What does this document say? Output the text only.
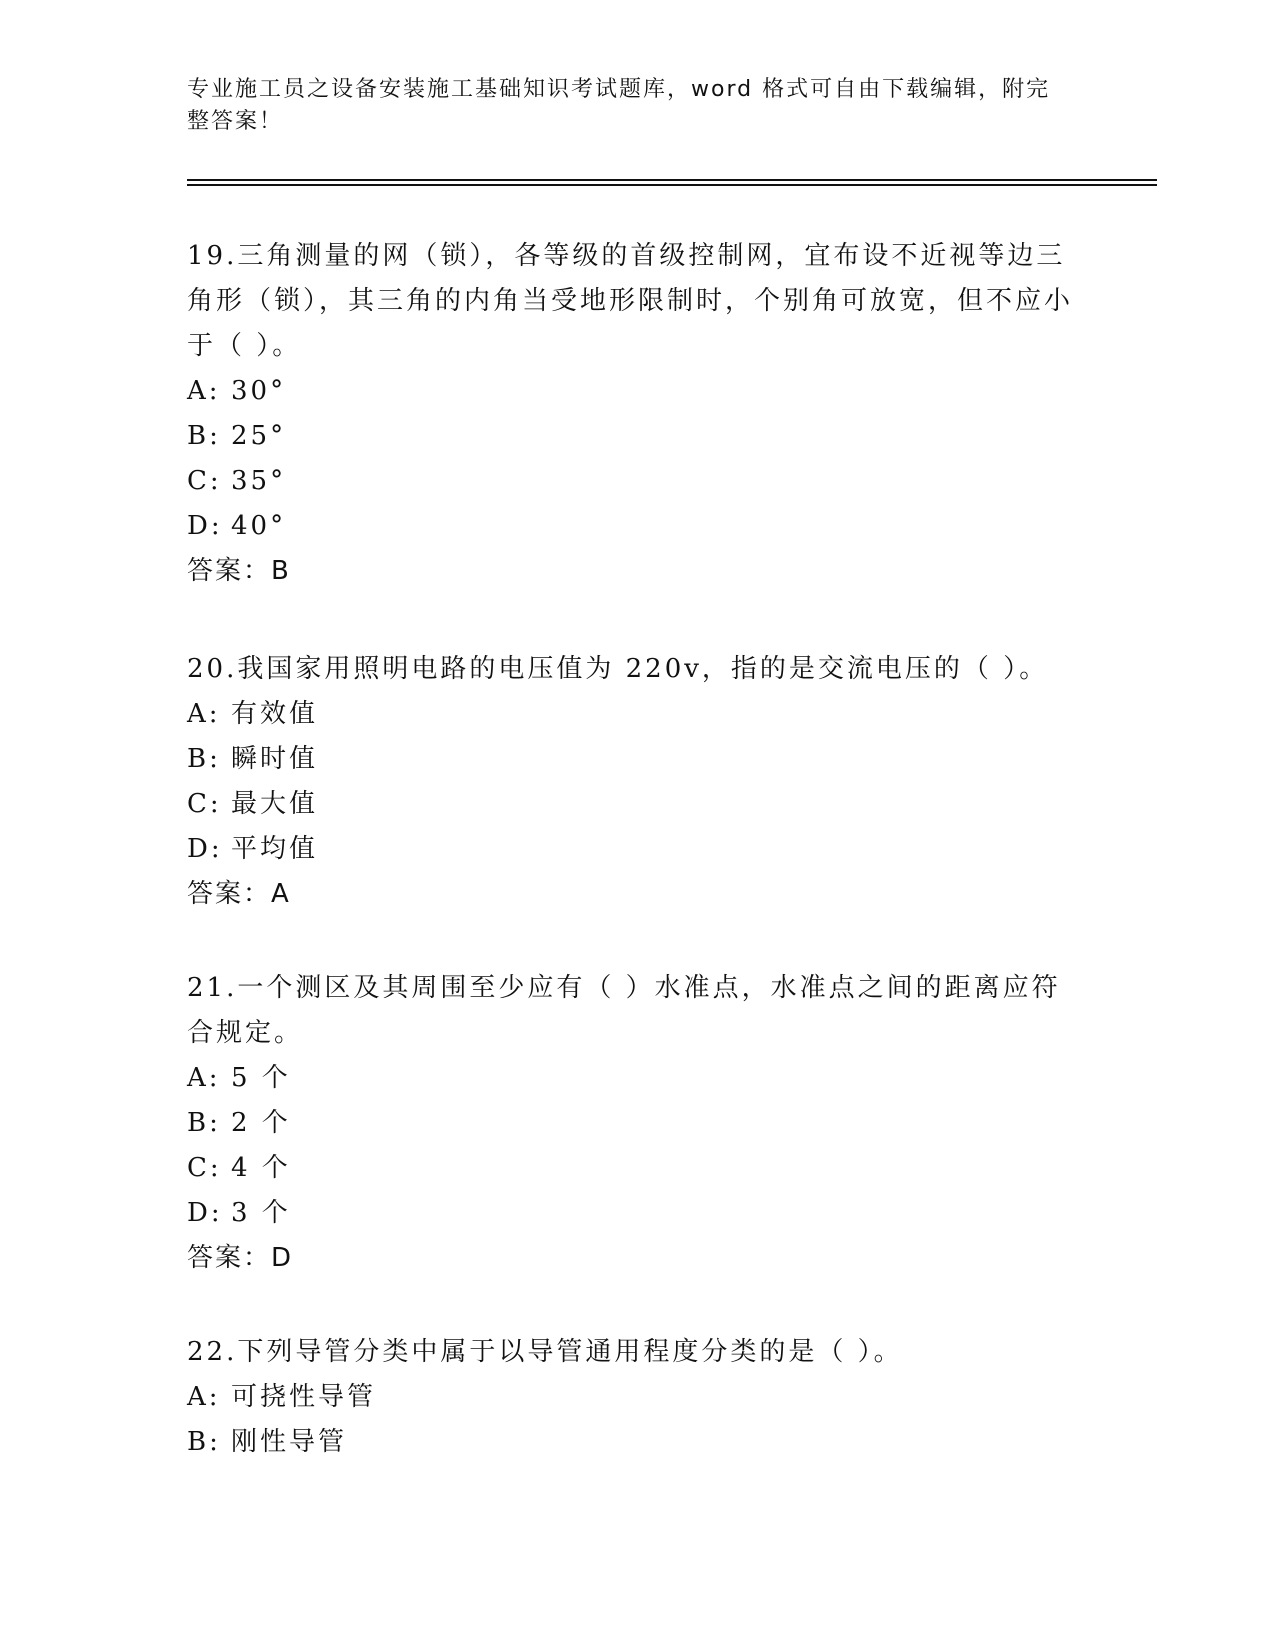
专业施工员之设备安装施工基础知识考试题库，word 格式可自由下载编辑，附完整答案！
19.三角测量的网（锁），各等级的首级控制网，宜布设不近视等边三角形（锁），其三角的内角当受地形限制时，个别角可放宽，但不应小于（ ）。
A: 30°
B: 25°
C: 35°
D: 40°
答案：B
20.我国家用照明电路的电压值为 220v，指的是交流电压的（ ）。
A: 有效值
B: 瞬时值
C: 最大值
D: 平均值
答案：A
21.一个测区及其周围至少应有（ ）水准点，水准点之间的距离应符合规定。
A: 5 个
B: 2 个
C: 4 个
D: 3 个
答案：D
22.下列导管分类中属于以导管通用程度分类的是（ ）。
A: 可挠性导管
B: 刚性导管
